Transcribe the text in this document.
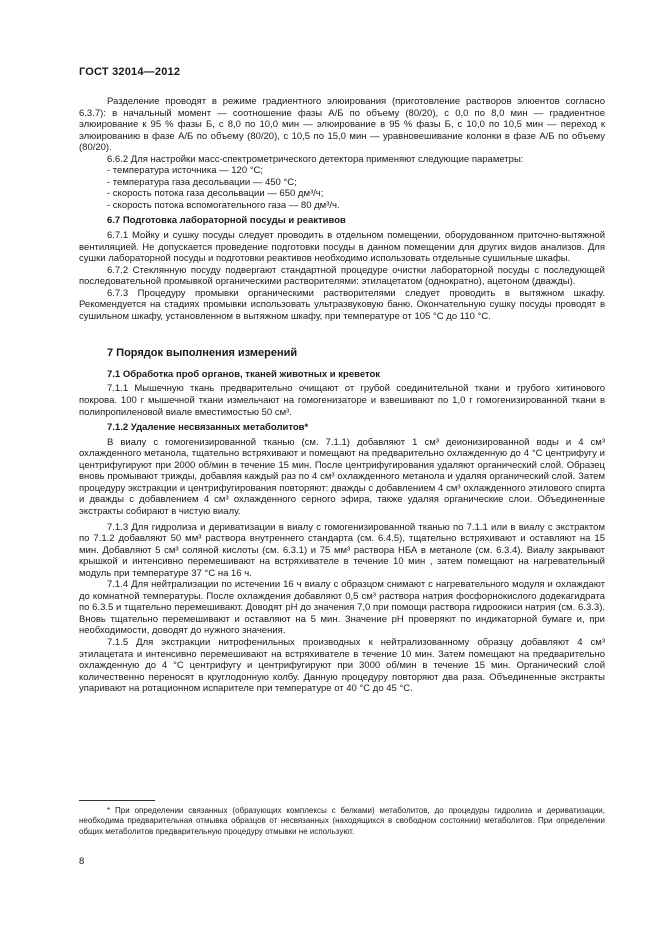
ГОСТ 32014—2012

Разделение проводят в режиме градиентного элюирования (приготовление растворов элюентов согласно 6.3.7): в начальный момент — соотношение фазы А/Б по объему (80/20), с 0,0 по 8,0 мин — градиентное элюирование к 95 % фазы Б, с 8,0 по 10,0 мин — элюирование в 95 % фазы Б, с 10,0 по 10,5 мин — переход к элюированию в фазе А/Б по объему (80/20), с 10,5 по 15,0 мин — уравновешивание колонки в фазе А/Б по объему (80/20).

6.6.2 Для настройки масс-спектрометрического детектора применяют следующие параметры:

- температура источника — 120 °С;

- температура газа десольвации — 450 °С;

- скорость потока газа десольвации — 650 дм³/ч;

- скорость потока вспомогательного газа — 80 дм³/ч.

6.7 Подготовка лабораторной посуды и реактивов

6.7.1 Мойку и сушку посуды следует проводить в отдельном помещении, оборудованном приточно-вытяжной вентиляцией. Не допускается проведение подготовки посуды в данном помещении для других видов анализов. Для сушки лабораторной посуды и подготовки реактивов необходимо использовать отдельные сушильные шкафы.

6.7.2 Стеклянную посуду подвергают стандартной процедуре очистки лабораторной посуды с последующей последовательной промывкой органическими растворителями: этилацетатом (однократно), ацетоном (дважды).

6.7.3 Процедуру промывки органическими растворителями следует проводить в вытяжном шкафу. Рекомендуется на стадиях промывки использовать ультразвуковую баню. Окончательную сушку посуды проводят в сушильном шкафу, установленном в вытяжном шкафу, при температуре от 105 °С до 110 °С.

7 Порядок выполнения измерений

7.1 Обработка проб органов, тканей животных и креветок

7.1.1 Мышечную ткань предварительно очищают от грубой соединительной ткани и грубого хитинового покрова. 100 г мышечной ткани измельчают на гомогенизаторе и взвешивают по 1,0 г гомогенизированной ткани в полипропиленовой виале вместимостью 50 см³.

7.1.2 Удаление несвязанных метаболитов*

В виалу с гомогенизированной тканью (см. 7.1.1) добавляют 1 см³ деионизированной воды и 4 см³ охлажденного метанола, тщательно встряхивают и помещают на предварительно охлажденную до 4 °С центрифугу и центрифугируют при 2000 об/мин в течение 15 мин. После центрифугирования удаляют органический слой. Образец вновь промывают трижды, добавляя каждый раз по 4 см³ охлажденного метанола и удаляя органический слой. Затем процедуру экстракции и центрифугирования повторяют: дважды с добавлением 4 см³ охлажденного этилового спирта и дважды с добавлением 4 см³ охлажденного серного эфира, также удаляя органические слои. Объединенные экстракты собирают в чистую виалу.

7.1.3 Для гидролиза и дериватизации в виалу с гомогенизированной тканью по 7.1.1 или в виалу с экстрактом по 7.1.2 добавляют 50 мм³ раствора внутреннего стандарта (см. 6.4.5), тщательно встряхивают и оставляют на 15 мин. Добавляют 5 см³ соляной кислоты (см. 6.3.1) и 75 мм³ раствора НБА в метаноле (см. 6.3.4). Виалу закрывают крышкой и интенсивно перемешивают на встряхивателе в течение 10 мин , затем помещают на нагревательный модуль при температуре 37 °С на 16 ч.

7.1.4 Для нейтрализации по истечении 16 ч виалу с образцом снимают с нагревательного модуля и охлаждают до комнатной температуры. После охлаждения добавляют 0,5 см³ раствора натрия фосфорнокислого додекагидрата по 6.3.5 и тщательно перемешивают. Доводят pH до значения 7,0 при помощи раствора гидроокиси натрия (см. 6.3.3). Вновь тщательно перемешивают и оставляют на 5 мин. Значение pH проверяют по индикаторной бумаге и, при необходимости, доводят до нужного значения.

7.1.5 Для экстракции нитрофенильных производных к нейтрализованному образцу добавляют 4 см³ этилацетата и интенсивно перемешивают на встряхивателе в течение 10 мин. Затем помещают на предварительно охлажденную до 4 °С центрифугу и центрифугируют при 3000 об/мин в течение 15 мин. Органический слой количественно переносят в круглодонную колбу. Данную процедуру повторяют два раза. Объединенные экстракты упаривают на ротационном испарителе при температуре от 40 °С до 45 °С.

* При определении связанных (образующих комплексы с белками) метаболитов, до процедуры гидролиза и дериватизации, необходима предварительная отмывка образцов от несвязанных (находящихся в свободном состоянии) метаболитов. При определении общих метаболитов предварительную процедуру отмывки не используют.
8
